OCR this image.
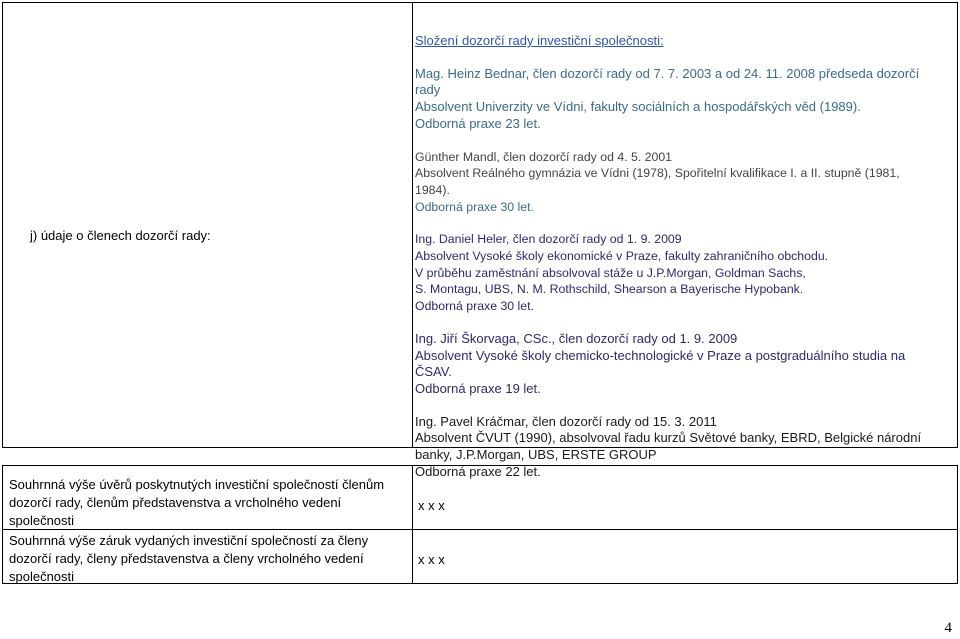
j) údaje o členech dozorčí rady:

Složení dozorčí rady investiční společnosti:

Mag. Heinz Bednar, člen dozorčí rady od 7. 7. 2003 a od 24. 11. 2008 předseda dozorčí

rady

Absolvent Univerzity ve Vídni, fakulty sociálních a hospodářských věd (1989).

Odborná praxe 23 let.

Günther Mandl, člen dozorčí rady od 4. 5. 2001

Absolvent Reálného gymnázia ve Vídni (1978), Spořitelní kvalifikace I. a II. stupně (1981,

1984).

Odborná praxe 30 let.

Ing. Daniel Heler, člen dozorčí rady od 1. 9. 2009

Absolvent Vysoké školy ekonomické v Praze, fakulty zahraničního obchodu.

V průběhu zaměstnání absolvoval stáže u J.P.Morgan, Goldman Sachs,

S. Montagu, UBS, N. M. Rothschild, Shearson a Bayerische Hypobank.

Odborná praxe 30 let.

Ing. Jiří Škorvaga, CSc., člen dozorčí rady od 1. 9. 2009

Absolvent Vysoké školy chemicko-technologické v Praze a postgraduálního studia na

ČSAV.

Odborná praxe 19 let.

Ing. Pavel Kráčmar, člen dozorčí rady od 15. 3. 2011

Absolvent ČVUT (1990), absolvoval řadu kurzů Světové banky, EBRD, Belgické národní

banky, J.P.Morgan, UBS, ERSTE GROUP

Odborná praxe 22 let.

Souhrnná výše úvěrů poskytnutých investiční společností členům dozorčí rady, členům představenstva a vrcholného vedení společnosti
x x x
Souhrnná výše záruk vydaných investiční společností za členy dozorčí rady, členy představenstva a členy vrcholného vedení společnosti
x x x
4
